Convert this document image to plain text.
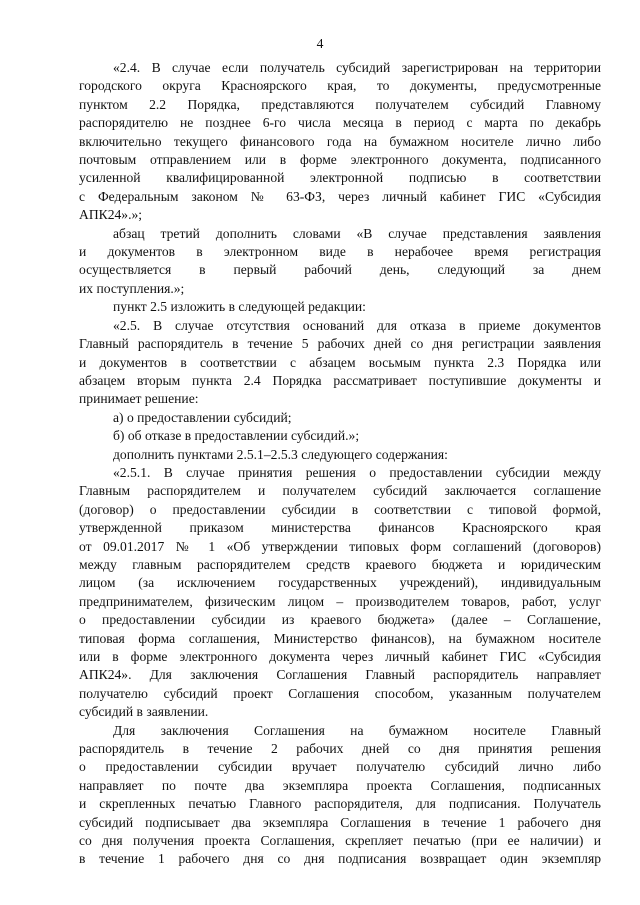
4
«2.4. В случае если получатель субсидий зарегистрирован на территории
городского округа Красноярского края, то документы, предусмотренные
пунктом 2.2 Порядка, представляются получателем субсидий Главному
распорядителю не позднее 6-го числа месяца в период с марта по декабрь
включительно текущего финансового года на бумажном носителе лично либо
почтовым отправлением или в форме электронного документа, подписанного
усиленной квалифицированной электронной подписью в соответствии
с Федеральным законом № 63-ФЗ, через личный кабинет ГИС «Субсидия
АПК24».»;
абзац третий дополнить словами «В случае представления заявления
и документов в электронном виде в нерабочее время регистрация
осуществляется в первый рабочий день, следующий за днем
их поступления.»;
пункт 2.5 изложить в следующей редакции:
«2.5. В случае отсутствия оснований для отказа в приеме документов
Главный распорядитель в течение 5 рабочих дней со дня регистрации заявления
и документов в соответствии с абзацем восьмым пункта 2.3 Порядка или
абзацем вторым пункта 2.4 Порядка рассматривает поступившие документы и
принимает решение:
а) о предоставлении субсидий;
б) об отказе в предоставлении субсидий.»;
дополнить пунктами 2.5.1–2.5.3 следующего содержания:
«2.5.1. В случае принятия решения о предоставлении субсидии между
Главным распорядителем и получателем субсидий заключается соглашение
(договор) о предоставлении субсидии в соответствии с типовой формой,
утвержденной приказом министерства финансов Красноярского края
от 09.01.2017 № 1 «Об утверждении типовых форм соглашений (договоров)
между главным распорядителем средств краевого бюджета и юридическим
лицом (за исключением государственных учреждений), индивидуальным
предпринимателем, физическим лицом – производителем товаров, работ, услуг
о предоставлении субсидии из краевого бюджета» (далее – Соглашение,
типовая форма соглашения, Министерство финансов), на бумажном носителе
или в форме электронного документа через личный кабинет ГИС «Субсидия
АПК24». Для заключения Соглашения Главный распорядитель направляет
получателю субсидий проект Соглашения способом, указанным получателем
субсидий в заявлении.
Для заключения Соглашения на бумажном носителе Главный
распорядитель в течение 2 рабочих дней со дня принятия решения
о предоставлении субсидии вручает получателю субсидий лично либо
направляет по почте два экземпляра проекта Соглашения, подписанных
и скрепленных печатью Главного распорядителя, для подписания. Получатель
субсидий подписывает два экземпляра Соглашения в течение 1 рабочего дня
со дня получения проекта Соглашения, скрепляет печатью (при ее наличии) и
в течение 1 рабочего дня со дня подписания возвращает один экземпляр
